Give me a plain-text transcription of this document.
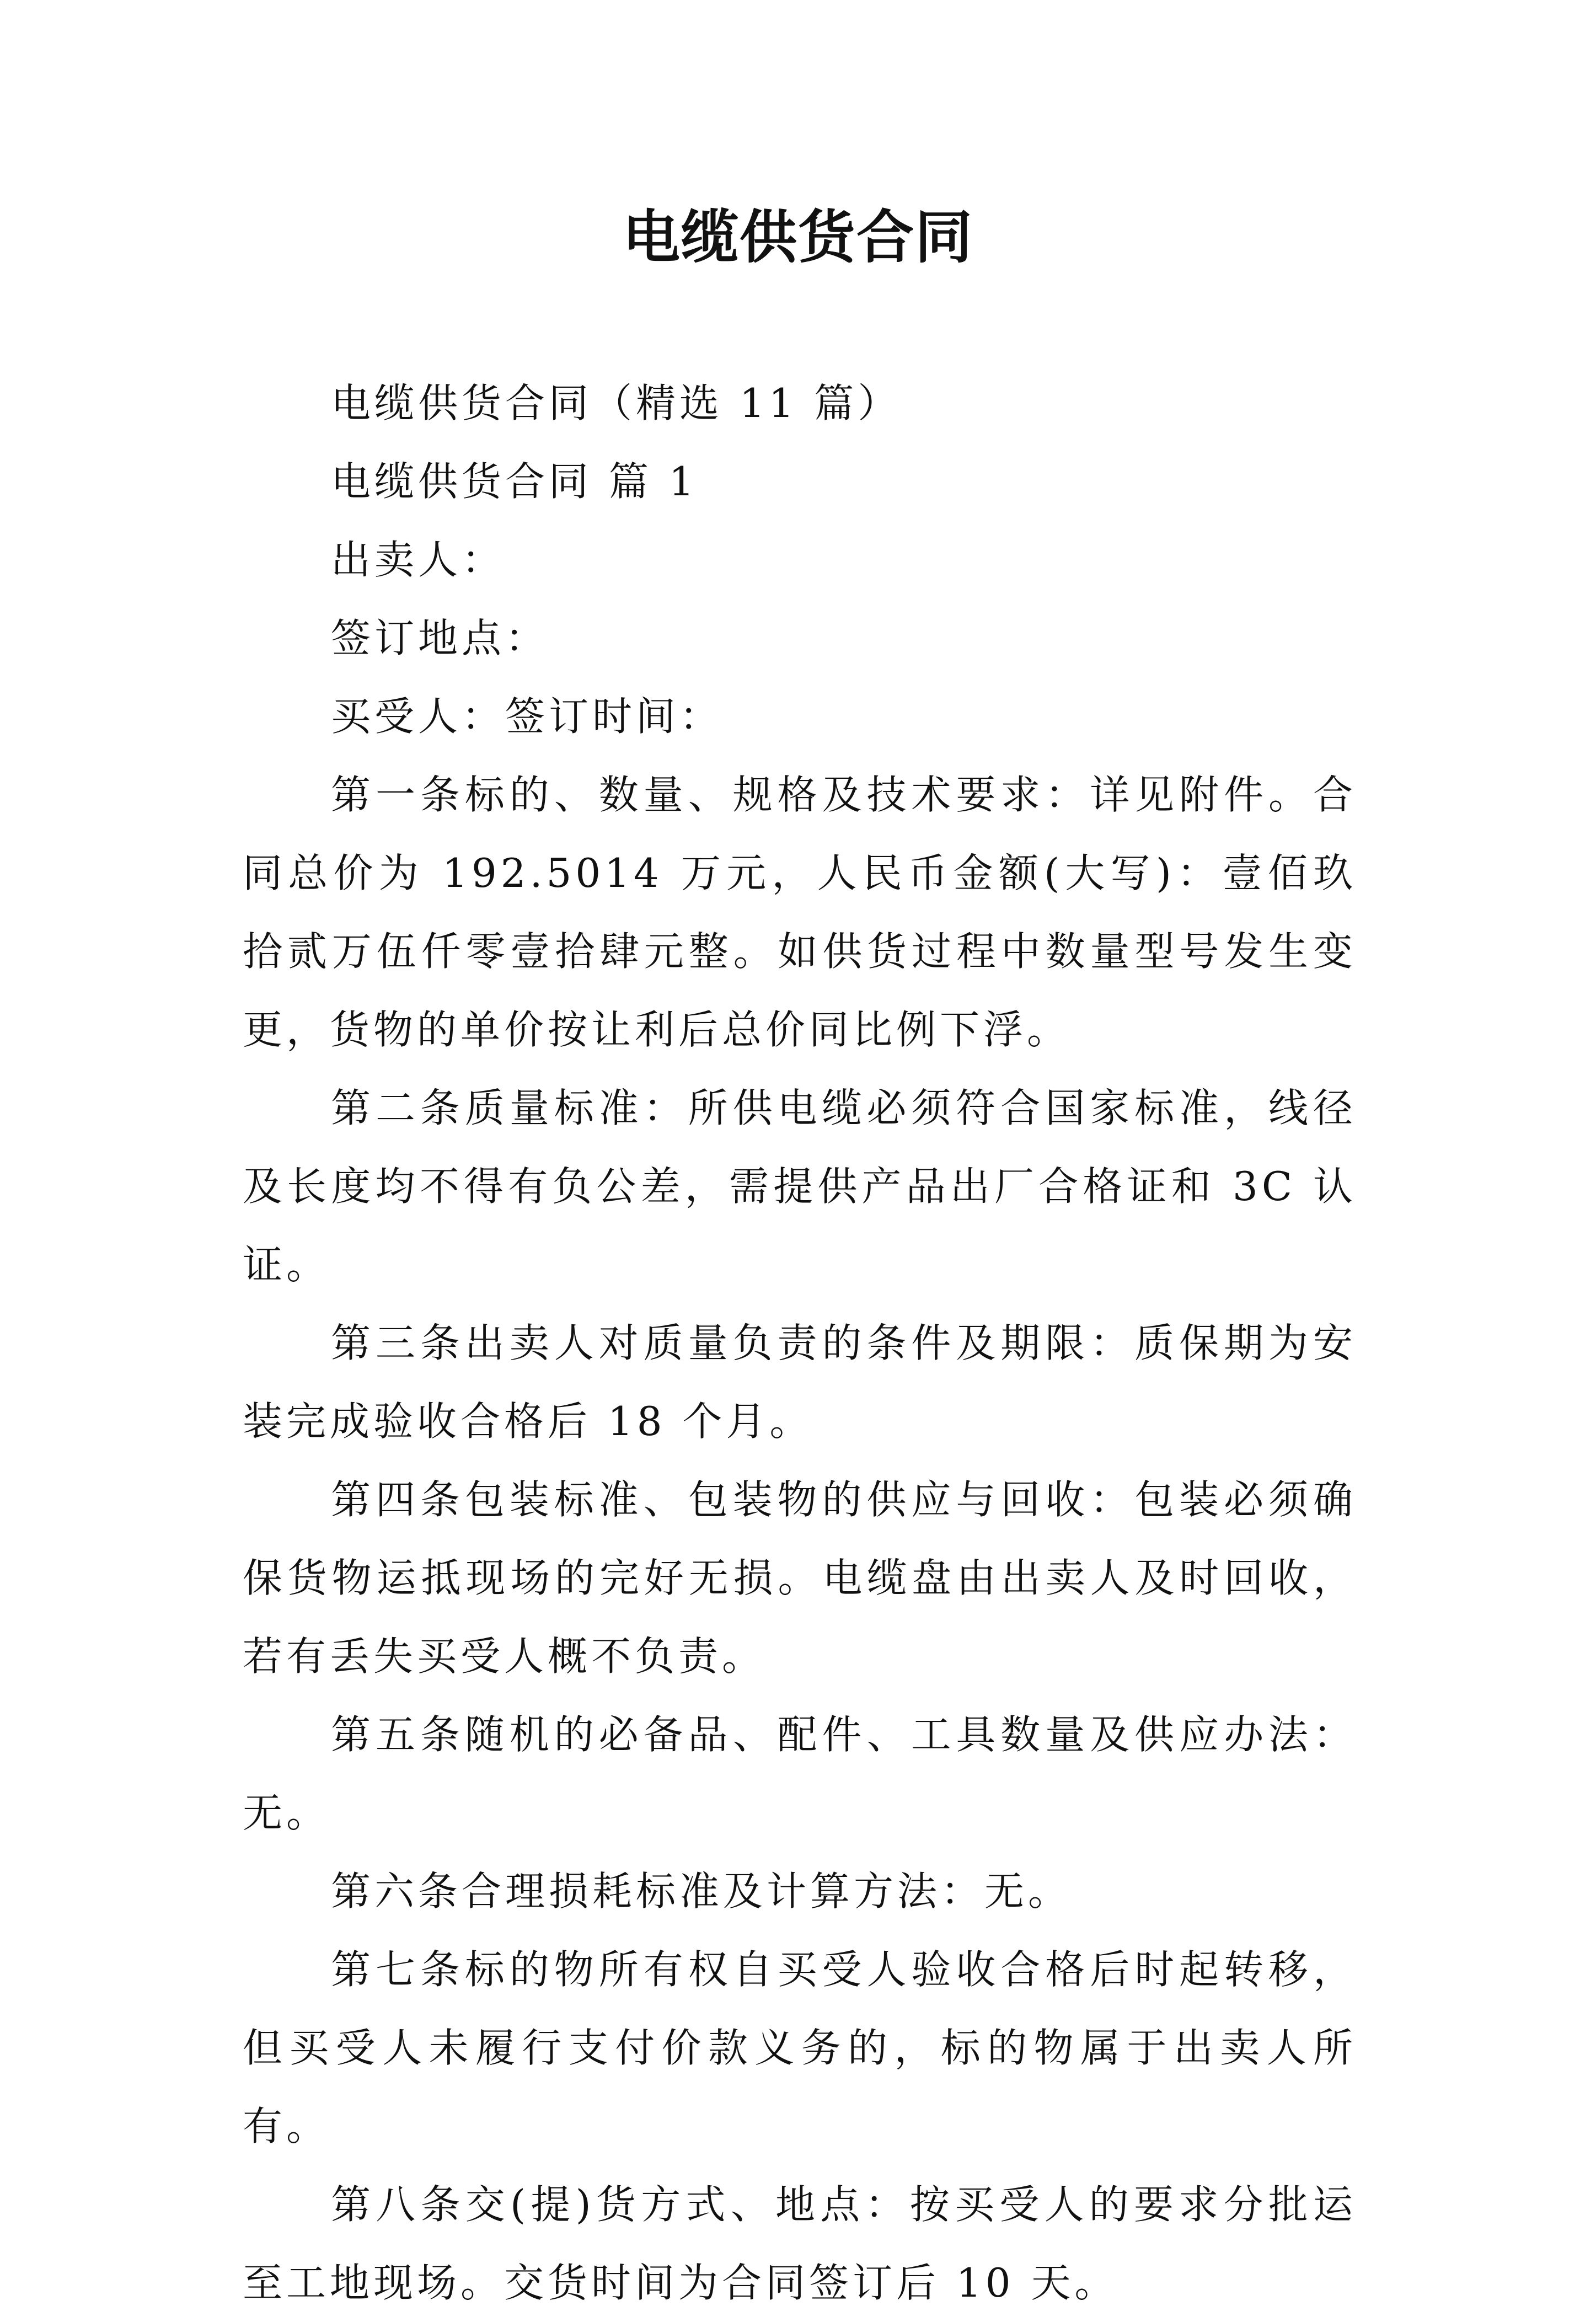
电缆供货合同

电缆供货合同（精选 11 篇）

电缆供货合同 篇 1

出卖人：

签订地点：

买受人：签订时间：

第一条标的、数量、规格及技术要求：详见附件。合同总价为 192.5014 万元，人民币金额(大写)：壹佰玖拾贰万伍仟零壹拾肆元整。如供货过程中数量型号发生变更，货物的单价按让利后总价同比例下浮。

第二条质量标准：所供电缆必须符合国家标准，线径及长度均不得有负公差，需提供产品出厂合格证和 3C 认证。

第三条出卖人对质量负责的条件及期限：质保期为安装完成验收合格后 18 个月。

第四条包装标准、包装物的供应与回收：包装必须确保货物运抵现场的完好无损。电缆盘由出卖人及时回收，若有丢失买受人概不负责。

第五条随机的必备品、配件、工具数量及供应办法：无。

第六条合理损耗标准及计算方法：无。

第七条标的物所有权自买受人验收合格后时起转移，但买受人未履行支付价款义务的，标的物属于出卖人所有。

第八条交(提)货方式、地点：按买受人的要求分批运至工地现场。交货时间为合同签订后 10 天。
